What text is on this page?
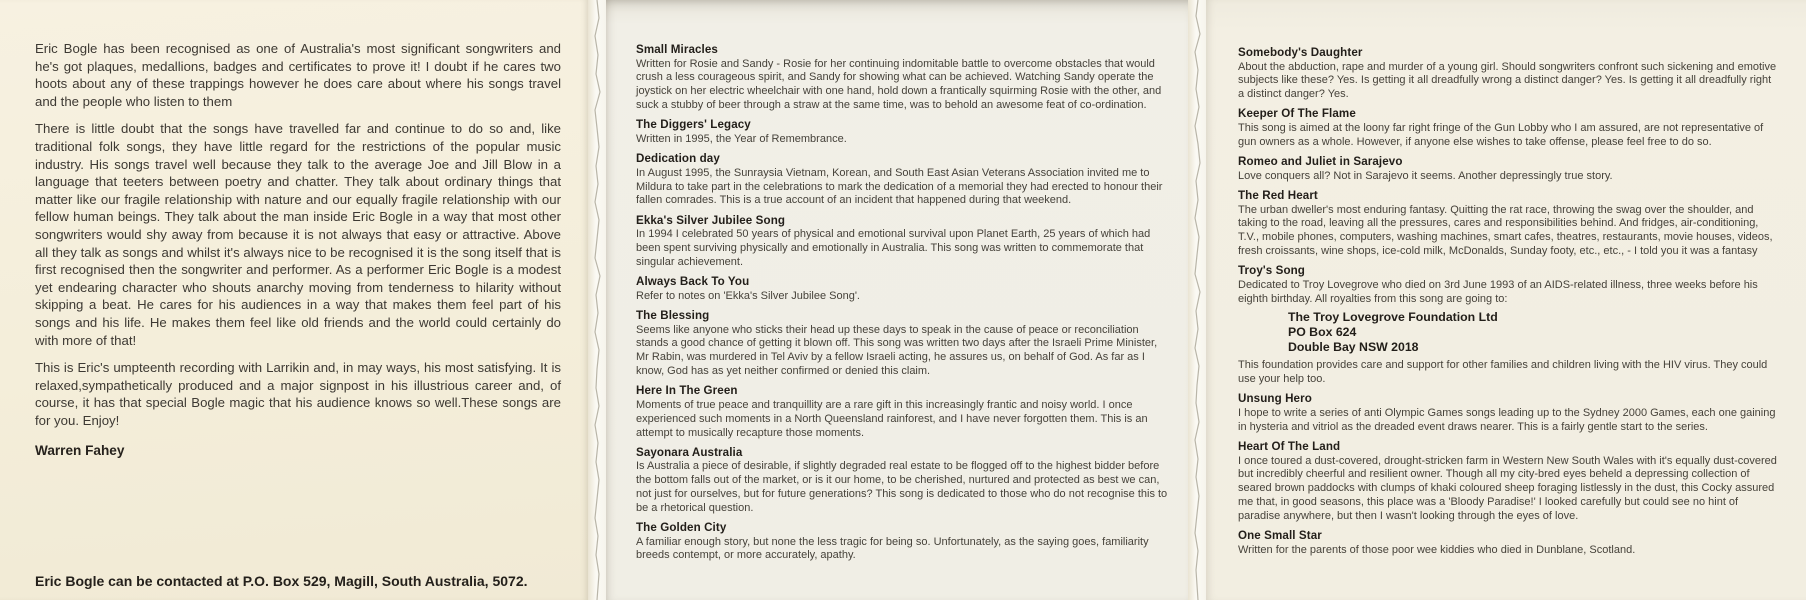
Eric Bogle has been recognised as one of Australia's most significant songwriters and he's got plaques, medallions, badges and certificates to prove it! I doubt if he cares two hoots about any of these trappings however he does care about where his songs travel and the people who listen to them

There is little doubt that the songs have travelled far and continue to do so and, like traditional folk songs, they have little regard for the restrictions of the popular music industry. His songs travel well because they talk to the average Joe and Jill Blow in a language that teeters between poetry and chatter. They talk about ordinary things that matter like our fragile relationship with nature and our equally fragile relationship with our fellow human beings. They talk about the man inside Eric Bogle in a way that most other songwriters would shy away from because it is not always that easy or attractive. Above all they talk as songs and whilst it's always nice to be recognised it is the song itself that is first recognised then the songwriter and performer. As a performer Eric Bogle is a modest yet endearing character who shouts anarchy moving from tenderness to hilarity without skipping a beat. He cares for his audiences in a way that makes them feel part of his songs and his life. He makes them feel like old friends and the world could certainly do with more of that!

This is Eric's umpteenth recording with Larrikin and, in may ways, his most satisfying. It is relaxed,sympathetically produced and a major signpost in his illustrious career and, of course, it has that special Bogle magic that his audience knows so well.These songs are for you. Enjoy!

Warren Fahey
Eric Bogle can be contacted at P.O. Box 529, Magill, South Australia, 5072.
Small Miracles

Written for Rosie and Sandy - Rosie for her continuing indomitable battle to overcome obstacles that would crush a less courageous spirit, and Sandy for showing what can be achieved. Watching Sandy operate the joystick on her electric wheelchair with one hand, hold down a frantically squirming Rosie with the other, and suck a stubby of beer through a straw at the same time, was to behold an awesome feat of co-ordination.

The Diggers' Legacy

Written in 1995, the Year of Remembrance.

Dedication day

In August 1995, the Sunraysia Vietnam, Korean, and South East Asian Veterans Association invited me to Mildura to take part in the celebrations to mark the dedication of a memorial they had erected to honour their fallen comrades. This is a true account of an incident that happened during that weekend.

Ekka's Silver Jubilee Song

In 1994 I celebrated 50 years of physical and emotional survival upon Planet Earth, 25 years of which had been spent surviving physically and emotionally in Australia. This song was written to commemorate that singular achievement.

Always Back To You

Refer to notes on 'Ekka's Silver Jubilee Song'.

The Blessing

Seems like anyone who sticks their head up these days to speak in the cause of peace or reconciliation stands a good chance of getting it blown off. This song was written two days after the Israeli Prime Minister, Mr Rabin, was murdered in Tel Aviv by a fellow Israeli acting, he assures us, on behalf of God. As far as I know, God has as yet neither confirmed or denied this claim.

Here In The Green

Moments of true peace and tranquillity are a rare gift in this increasingly frantic and noisy world. I once experienced such moments in a North Queensland rainforest, and I have never forgotten them. This is an attempt to musically recapture those moments.

Sayonara Australia

Is Australia a piece of desirable, if slightly degraded real estate to be flogged off to the highest bidder before the bottom falls out of the market, or is it our home, to be cherished, nurtured and protected as best we can, not just for ourselves, but for future generations? This song is dedicated to those who do not recognise this to be a rhetorical question.

The Golden City

A familiar enough story, but none the less tragic for being so. Unfortunately, as the saying goes, familiarity breeds contempt, or more accurately, apathy.

Somebody's Daughter

About the abduction, rape and murder of a young girl. Should songwriters confront such sickening and emotive subjects like these? Yes. Is getting it all dreadfully wrong a distinct danger? Yes. Is getting it all dreadfully right a distinct danger? Yes.

Keeper Of The Flame

This song is aimed at the loony far right fringe of the Gun Lobby who I am assured, are not representative of gun owners as a whole. However, if anyone else wishes to take offense, please feel free to do so.

Romeo and Juliet in Sarajevo

Love conquers all? Not in Sarajevo it seems. Another depressingly true story.

The Red Heart

The urban dweller's most enduring fantasy. Quitting the rat race, throwing the swag over the shoulder, and taking to the road, leaving all the pressures, cares and responsibilities behind. And fridges, air-conditioning, T.V., mobile phones, computers, washing machines, smart cafes, theatres, restaurants, movie houses, videos, fresh croissants, wine shops, ice-cold milk, McDonalds, Sunday footy, etc., etc., - I told you it was a fantasy

Troy's Song

Dedicated to Troy Lovegrove who died on 3rd June 1993 of an AIDS-related illness, three weeks before his eighth birthday. All royalties from this song are going to:

The Troy Lovegrove Foundation Ltd
PO Box 624
Double Bay NSW 2018

This foundation provides care and support for other families and children living with the HIV virus. They could use your help too.

Unsung Hero

I hope to write a series of anti Olympic Games songs leading up to the Sydney 2000 Games, each one gaining in hysteria and vitriol as the dreaded event draws nearer. This is a fairly gentle start to the series.

Heart Of The Land

I once toured a dust-covered, drought-stricken farm in Western New South Wales with it's equally dust-covered but incredibly cheerful and resilient owner. Though all my city-bred eyes beheld a depressing collection of seared brown paddocks with clumps of khaki coloured sheep foraging listlessly in the dust, this Cocky assured me that, in good seasons, this place was a 'Bloody Paradise!' I looked carefully but could see no hint of paradise anywhere, but then I wasn't looking through the eyes of love.

One Small Star

Written for the parents of those poor wee kiddies who died in Dunblane, Scotland.
